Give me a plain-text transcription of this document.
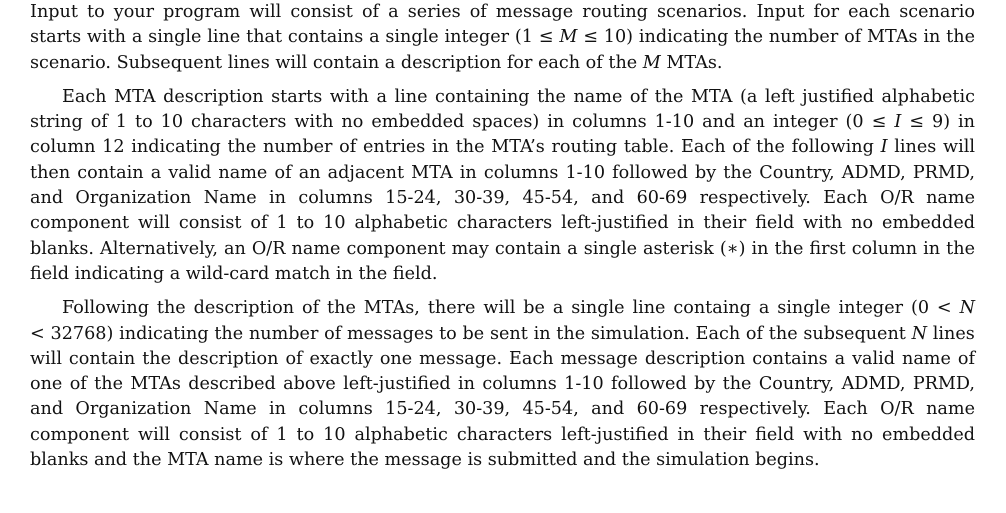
Input to your program will consist of a series of message routing scenarios. Input for each scenario starts with a single line that contains a single integer (1 ≤ M ≤ 10) indicating the number of MTAs in the scenario. Subsequent lines will contain a description for each of the M MTAs.

Each MTA description starts with a line containing the name of the MTA (a left justified alphabetic string of 1 to 10 characters with no embedded spaces) in columns 1-10 and an integer (0 ≤ I ≤ 9) in column 12 indicating the number of entries in the MTA’s routing table. Each of the following I lines will then contain a valid name of an adjacent MTA in columns 1-10 followed by the Country, ADMD, PRMD, and Organization Name in columns 15-24, 30-39, 45-54, and 60-69 respectively. Each O/R name component will consist of 1 to 10 alphabetic characters left-justified in their field with no embedded blanks. Alternatively, an O/R name component may contain a single asterisk (∗) in the first column in the field indicating a wild-card match in the field.

Following the description of the MTAs, there will be a single line containg a single integer (0 < N < 32768) indicating the number of messages to be sent in the simulation. Each of the subsequent N lines will contain the description of exactly one message. Each message description contains a valid name of one of the MTAs described above left-justified in columns 1-10 followed by the Country, ADMD, PRMD, and Organization Name in columns 15-24, 30-39, 45-54, and 60-69 respectively. Each O/R name component will consist of 1 to 10 alphabetic characters left-justified in their field with no embedded blanks and the MTA name is where the message is submitted and the simulation begins.
